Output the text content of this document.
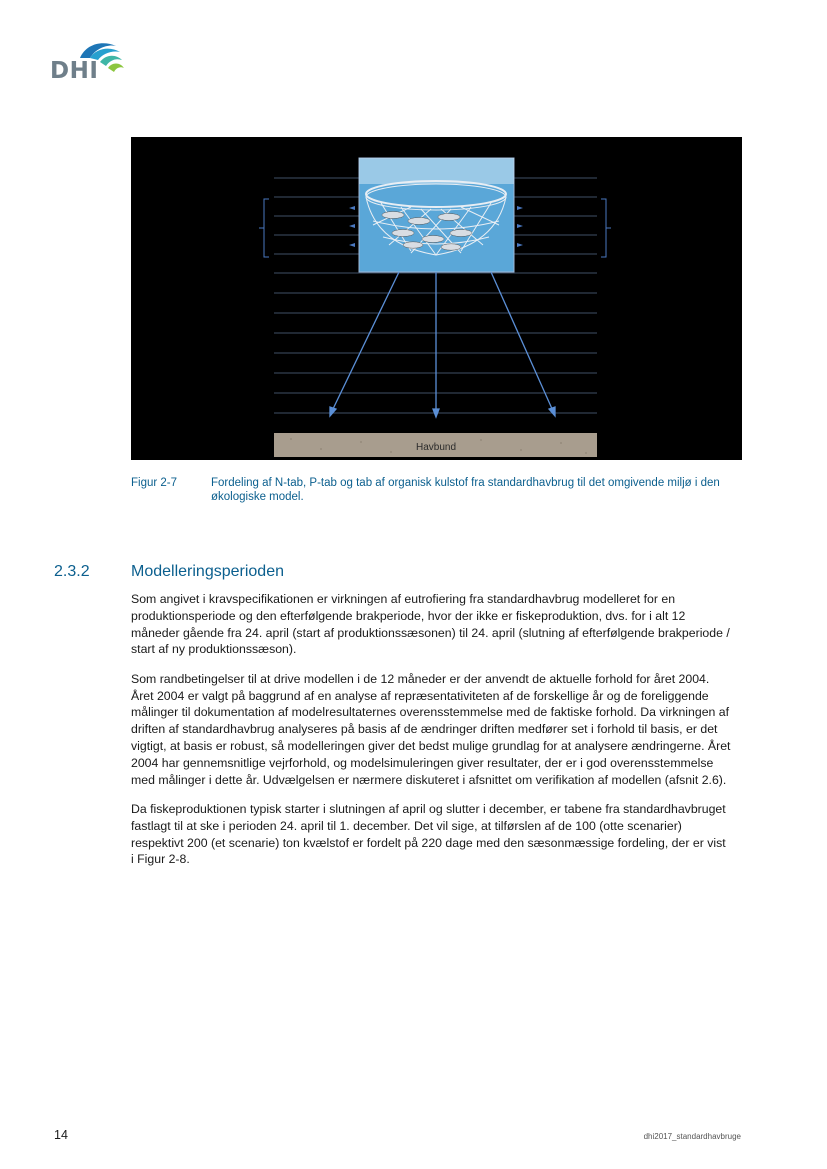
DHI
Havbund
Figur 2-7	Fordeling af N-tab, P-tab og tab af organisk kulstof fra standardhavbrug til det omgivende miljø i den økologiske model.
2.3.2	Modelleringsperioden

Som angivet i kravspecifikationen er virkningen af eutrofiering fra standardhavbrug modelleret for en produktionsperiode og den efterfølgende brakperiode, hvor der ikke er fiskeproduktion, dvs. for i alt 12 måneder gående fra 24. april (start af produktionssæsonen) til 24. april (slutning af efterfølgende brakperiode / start af ny produktionssæson).

Som randbetingelser til at drive modellen i de 12 måneder er der anvendt de aktuelle forhold for året 2004. Året 2004 er valgt på baggrund af en analyse af repræsentativiteten af de forskellige år og de foreliggende målinger til dokumentation af modelresultaternes overensstemmelse med de faktiske forhold. Da virkningen af driften af standardhavbrug analyseres på basis af de ændringer driften medfører set i forhold til basis, er det vigtigt, at basis er robust, så modelleringen giver det bedst mulige grundlag for at analysere ændringerne. Året 2004 har gennemsnitlige vejrforhold, og modelsimuleringen giver resultater, der er i god overensstemmelse med målinger i dette år. Udvælgelsen er nærmere diskuteret i afsnittet om verifikation af modellen (afsnit 2.6).

Da fiskeproduktionen typisk starter i slutningen af april og slutter i december, er tabene fra standardhavbruget fastlagt til at ske i perioden 24. april til 1. december. Det vil sige, at tilførslen af de 100 (otte scenarier) respektivt 200 (et scenarie) ton kvælstof er fordelt på 220 dage med den sæsonmæssige fordeling, der er vist i Figur 2-8.

14	dhi2017_standardhavbruge
